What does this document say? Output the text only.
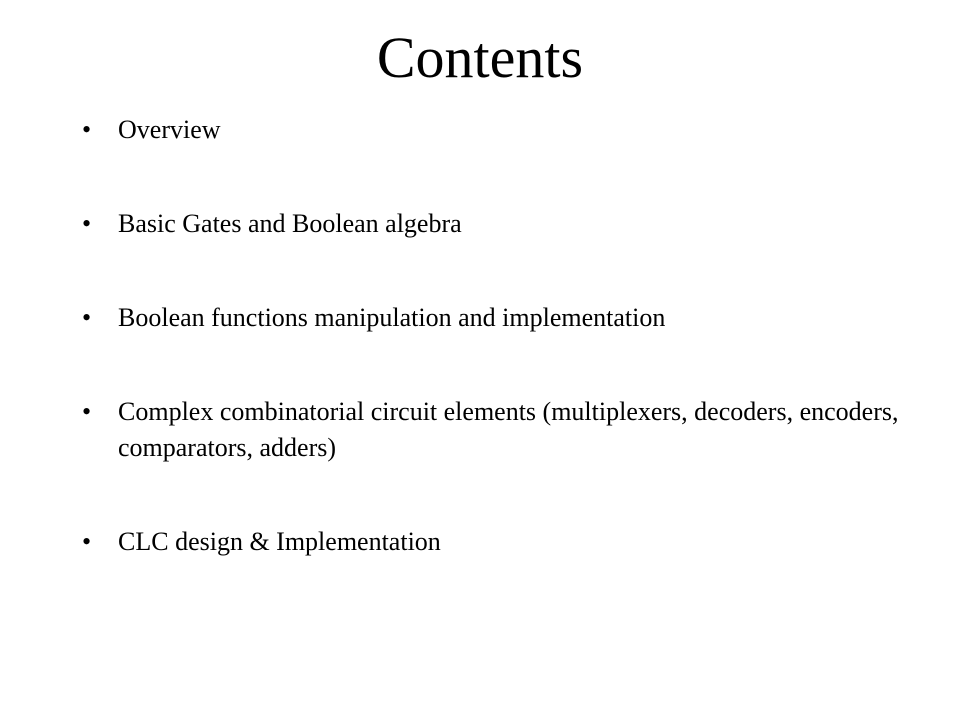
Contents
•	Overview
•	Basic Gates and Boolean algebra
•	Boolean functions manipulation and implementation
•	Complex combinatorial circuit elements (multiplexers, decoders, encoders, comparators, adders)
•	CLC design & Implementation
